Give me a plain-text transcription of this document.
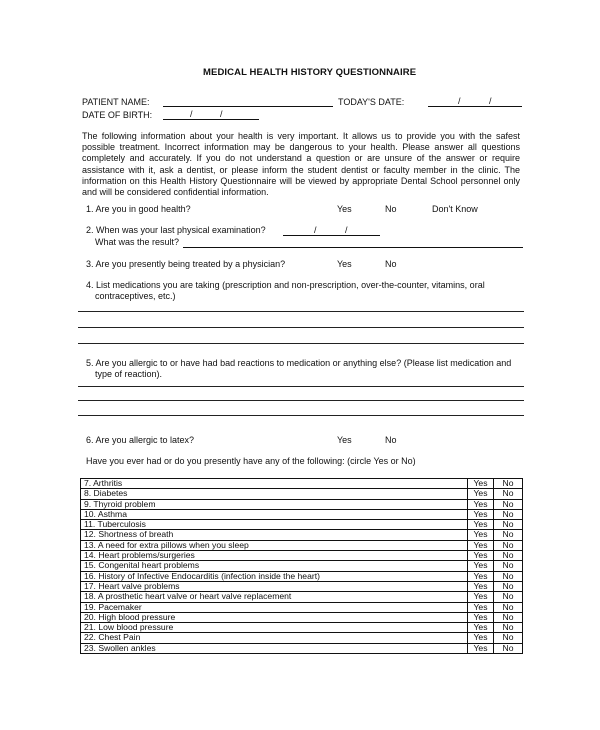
MEDICAL HEALTH HISTORY QUESTIONNAIRE
PATIENT NAME:	TODAY'S DATE:	/	/
DATE OF BIRTH:	/	/
The following information about your health is very important. It allows us to provide you with the safest possible treatment. Incorrect information may be dangerous to your health. Please answer all questions completely and accurately. If you do not understand a question or are unsure of the answer or require assistance with it, ask a dentist, or please inform the student dentist or faculty member in the clinic. The information on this Health History Questionnaire will be viewed by appropriate Dental School personnel only and will be considered confidential information.
1. Are you in good health?	Yes	No	Don't Know
2. When was your last physical examination?	/	/
What was the result?
3. Are you presently being treated by a physician?	Yes	No
4. List medications you are taking (prescription and non-prescription, over-the-counter, vitamins, oral
contraceptives, etc.)
5. Are you allergic to or have had bad reactions to medication or anything else? (Please list medication and
type of reaction).
6. Are you allergic to latex?	Yes	No
Have you ever had or do you presently have any of the following: (circle Yes or No)
7. Arthritis	Yes	No
8. Diabetes	Yes	No
9. Thyroid problem	Yes	No
10. Asthma	Yes	No
11. Tuberculosis	Yes	No
12. Shortness of breath	Yes	No
13. A need for extra pillows when you sleep	Yes	No
14. Heart problems/surgeries	Yes	No
15. Congenital heart problems	Yes	No
16. History of Infective Endocarditis (infection inside the heart)	Yes	No
17. Heart valve problems	Yes	No
18. A prosthetic heart valve or heart valve replacement	Yes	No
19. Pacemaker	Yes	No
20. High blood pressure	Yes	No
21. Low blood pressure	Yes	No
22. Chest Pain	Yes	No
23. Swollen ankles	Yes	No
